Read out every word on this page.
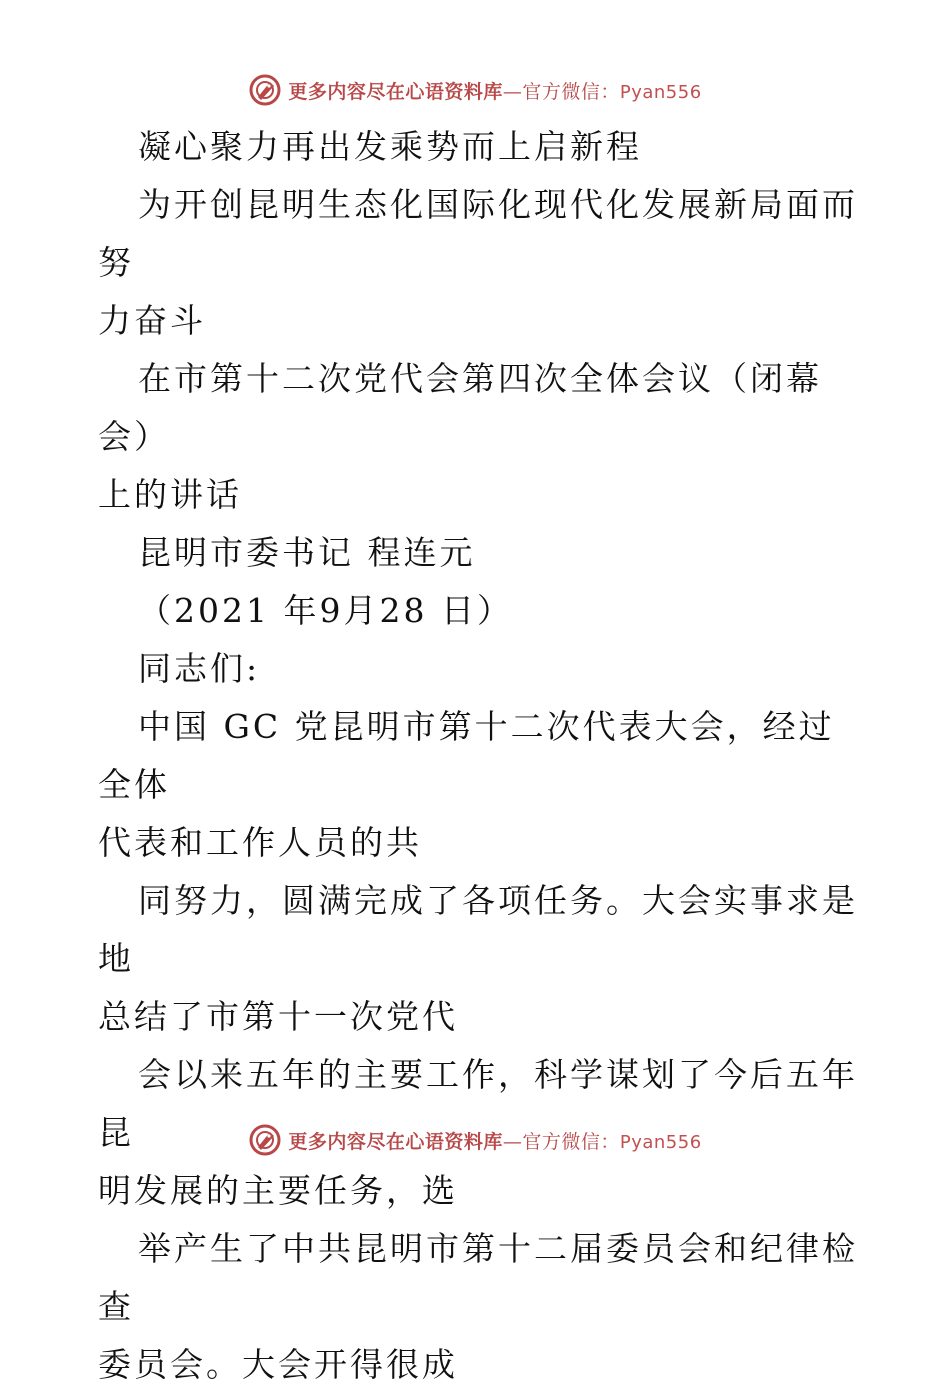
更多内容尽在心语资料库—官方微信：Pyan556

凝心聚力再出发乘势而上启新程

为开创昆明生态化国际化现代化发展新局面而努

力奋斗

在市第十二次党代会第四次全体会议（闭幕会）

上的讲话

昆明市委书记 程连元

（2021 年9月28 日）

同志们:

中国 GC 党昆明市第十二次代表大会，经过全体

代表和工作人员的共

同努力，圆满完成了各项任务。大会实事求是地

总结了市第十一次党代

会以来五年的主要工作，科学谋划了今后五年昆

明发展的主要任务，选

举产生了中共昆明市第十二届委员会和纪律检查

委员会。大会开得很成

更多内容尽在心语资料库—官方微信：Pyan556
